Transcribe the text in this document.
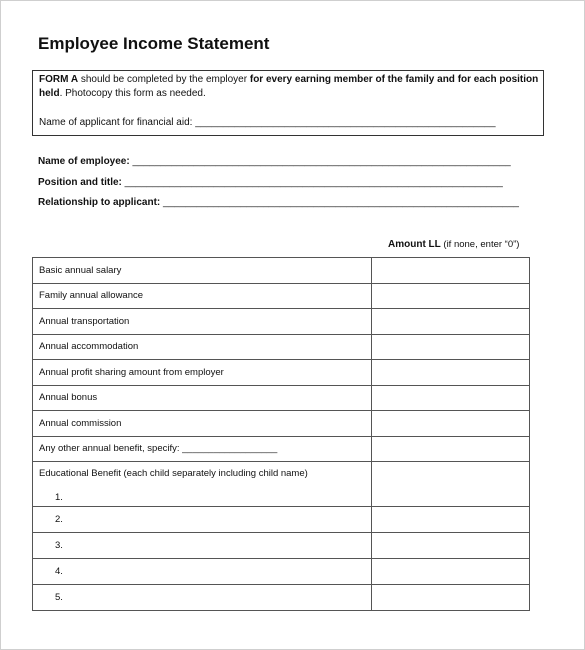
Employee Income Statement
FORM A should be completed by the employer for every earning member of the family and for each position
held. Photocopy this form as needed.
Name of applicant for financial aid: ______________________________________________________
Name of employee: ____________________________________________________________________
Position and title: ____________________________________________________________________
Relationship to applicant: ________________________________________________________________
Amount LL (if none, enter “0”)
Basic annual salary	
Family annual allowance	
Annual transportation	
Annual accommodation	
Annual profit sharing amount from employer	
Annual bonus	
Annual commission	
Any other annual benefit, specify: __________________	

Educational Benefit (each child separately including child name)
1.	

2.	
3.	
4.	
5.	
